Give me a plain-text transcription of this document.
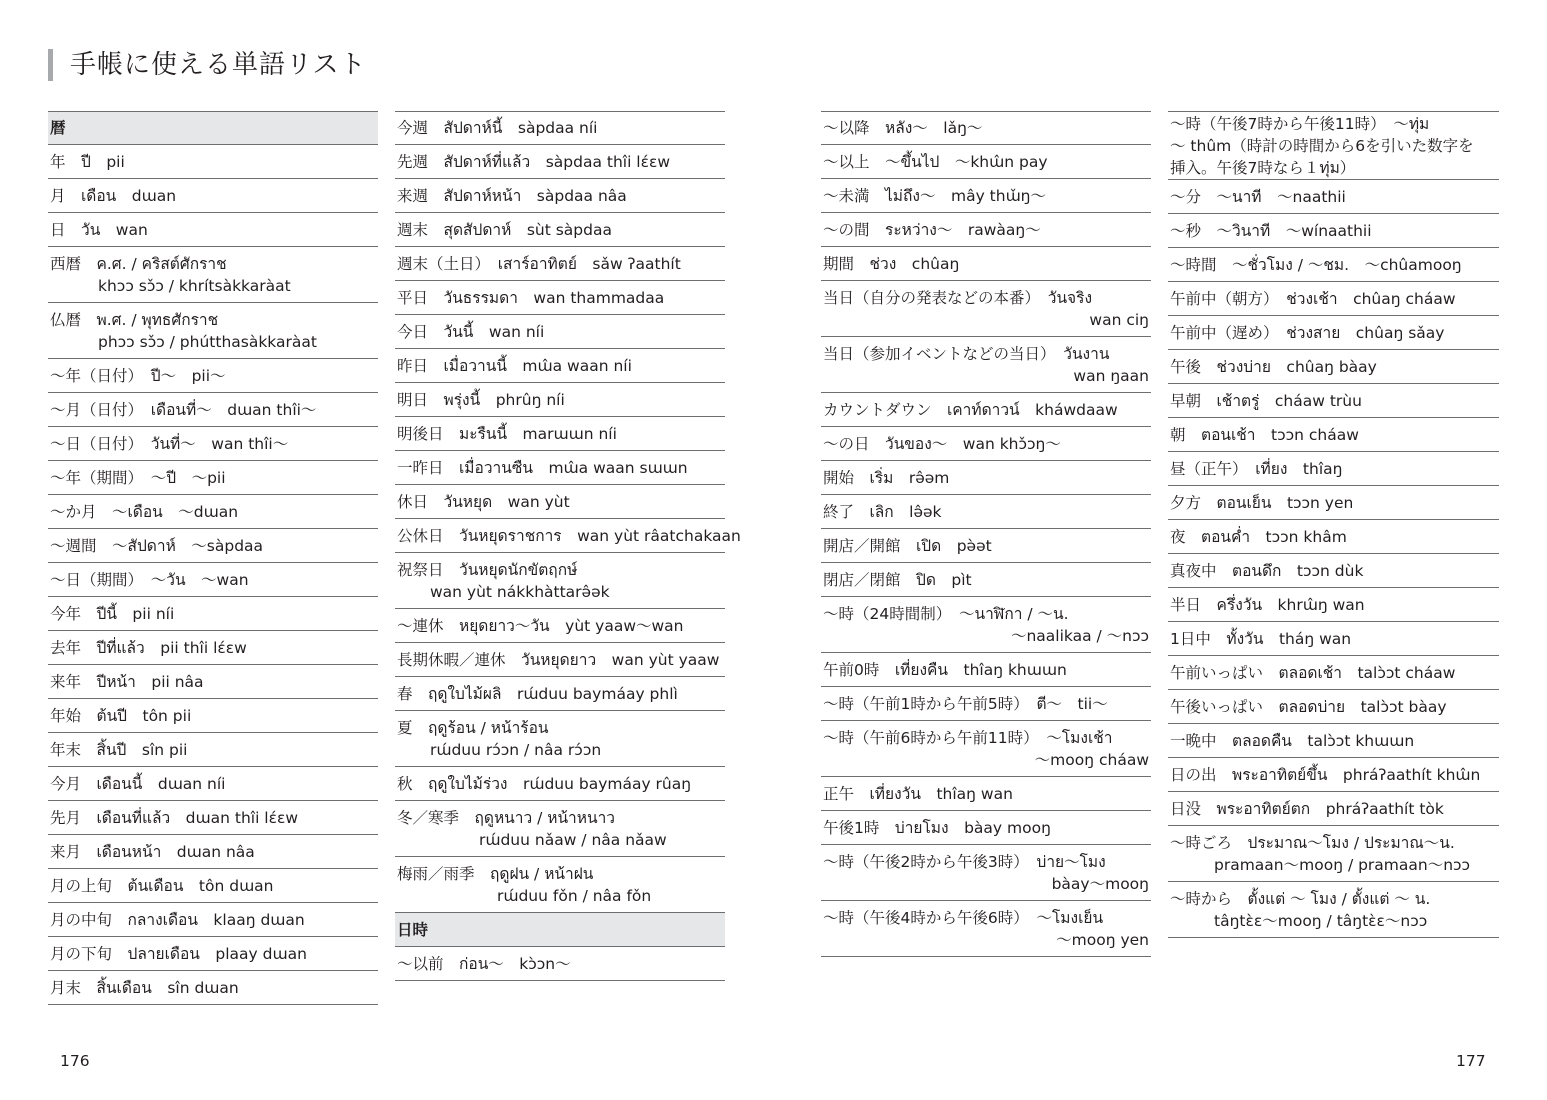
手帳に使える単語リスト
暦
年　ปี　pii
月　เดือน　dɯan
日　วัน　wan
西暦　ค.ศ. / คริสต์ศักราช
khɔɔ sɔ̌ɔ / khrítsàkkaràat
仏暦　พ.ศ. / พุทธศักราช
phɔɔ sɔ̌ɔ / phútthasàkkaràat
～年（日付）　ปี～　pii～
～月（日付）　เดือนที่～　dɯan thîi～
～日（日付）　วันที่～　wan thîi～
～年（期間）　～ปี　～pii
～か月　～เดือน　～dɯan
～週間　～สัปดาห์　～sàpdaa
～日（期間）　～วัน　～wan
今年　ปีนี้　pii níi
去年　ปีที่แล้ว　pii thîi lɛ́ɛw
来年　ปีหน้า　pii nâa
年始　ต้นปี　tôn pii
年末　สิ้นปี　sîn pii
今月　เดือนนี้　dɯan níi
先月　เดือนที่แล้ว　dɯan thîi lɛ́ɛw
来月　เดือนหน้า　dɯan nâa
月の上旬　ต้นเดือน　tôn dɯan
月の中旬　กลางเดือน　klaaŋ dɯan
月の下旬　ปลายเดือน　plaay dɯan
月末　สิ้นเดือน　sîn dɯan
今週　สัปดาห์นี้　sàpdaa níi
先週　สัปดาห์ที่แล้ว　sàpdaa thîi lɛ́ɛw
来週　สัปดาห์หน้า　sàpdaa nâa
週末　สุดสัปดาห์　sùt sàpdaa
週末（土日）　เสาร์อาทิตย์　sǎw ʔaathít
平日　วันธรรมดา　wan thammadaa
今日　วันนี้　wan níi
昨日　เมื่อวานนี้　mɯ̂a waan níi
明日　พรุ่งนี้　phrûŋ níi
明後日　มะรืนนี้　marɯɯn níi
一昨日　เมื่อวานซืน　mɯ̂a waan sɯɯn
休日　วันหยุด　wan yùt
公休日　วันหยุดราชการ　wan yùt râatchakaan
祝祭日　วันหยุดนักขัตฤกษ์
wan yùt nákkhàttarə̂ək
～連休　หยุดยาว～วัน　yùt yaaw～wan
長期休暇／連休　วันหยุดยาว　wan yùt yaaw
春　ฤดูใบไม้ผลิ　rɯ́duu baymáay phlì
夏　ฤดูร้อน / หน้าร้อน
rɯ́duu rɔ́ɔn / nâa rɔ́ɔn
秋　ฤดูใบไม้ร่วง　rɯ́duu baymáay rûaŋ
冬／寒季　ฤดูหนาว / หน้าหนาว
rɯ́duu nǎaw / nâa nǎaw
梅雨／雨季　ฤดูฝน / หน้าฝน
rɯ́duu fǒn / nâa fǒn
日時
～以前　ก่อน～　kɔ̀ɔn～
～以降　หลัง～　lǎŋ～
～以上　～ขึ้นไป　～khɯ̂n pay
～未満　ไม่ถึง～　mây thɯ̌ŋ～
～の間　ระหว่าง～　rawàaŋ～
期間　ช่วง　chûaŋ
当日（自分の発表などの本番）　วันจริง
wan ciŋ
当日（参加イベントなどの当日）　วันงาน
wan ŋaan
カウントダウン　เคาท์ดาวน์　kháwdaaw
～の日　วันของ～　wan khɔ̌ɔŋ～
開始　เริ่ม　rə̂əm
終了　เลิก　lə̂ək
開店／開館　เปิด　pə̀ət
閉店／閉館　ปิด　pìt
～時（24時間制）　～นาฬิกา / ～น.
～naalikaa / ～nɔɔ
午前0時　เที่ยงคืน　thîaŋ khɯɯn
～時（午前1時から午前5時）　ตี～　tii～
～時（午前6時から午前11時）　～โมงเช้า
～mooŋ cháaw
正午　เที่ยงวัน　thîaŋ wan
午後1時　บ่ายโมง　bàay mooŋ
～時（午後2時から午後3時）　บ่าย～โมง
bàay～mooŋ
～時（午後4時から午後6時）　～โมงเย็น
～mooŋ yen
～時（午後7時から午後11時）　～ทุ่ม
～ thûm（時計の時間から6を引いた数字を
挿入。午後7時なら１ทุ่ม）
～分　～นาที　～naathii
～秒　～วินาที　～wínaathii
～時間　～ชั่วโมง / ～ชม.　～chûamooŋ
午前中（朝方）　ช่วงเช้า　chûaŋ cháaw
午前中（遅め）　ช่วงสาย　chûaŋ sǎay
午後　ช่วงบ่าย　chûaŋ bàay
早朝　เช้าตรู่　cháaw trùu
朝　ตอนเช้า　tɔɔn cháaw
昼（正午）　เที่ยง　thîaŋ
夕方　ตอนเย็น　tɔɔn yen
夜　ตอนค่ำ　tɔɔn khâm
真夜中　ตอนดึก　tɔɔn dùk
半日　ครึ่งวัน　khrɯ̂ŋ wan
1日中　ทั้งวัน　tháŋ wan
午前いっぱい　ตลอดเช้า　talɔ̀ɔt cháaw
午後いっぱい　ตลอดบ่าย　talɔ̀ɔt bàay
一晩中　ตลอดคืน　talɔ̀ɔt khɯɯn
日の出　พระอาทิตย์ขึ้น　phráʔaathít khɯ̂n
日没　พระอาทิตย์ตก　phráʔaathít tòk
～時ごろ　ประมาณ～โมง / ประมาณ～น.
pramaan～mooŋ / pramaan～nɔɔ
～時から　ตั้งแต่ ～ โมง / ตั้งแต่ ～ น.
tâŋtɛ̀ɛ～mooŋ / tâŋtɛ̀ɛ～nɔɔ
176	177
